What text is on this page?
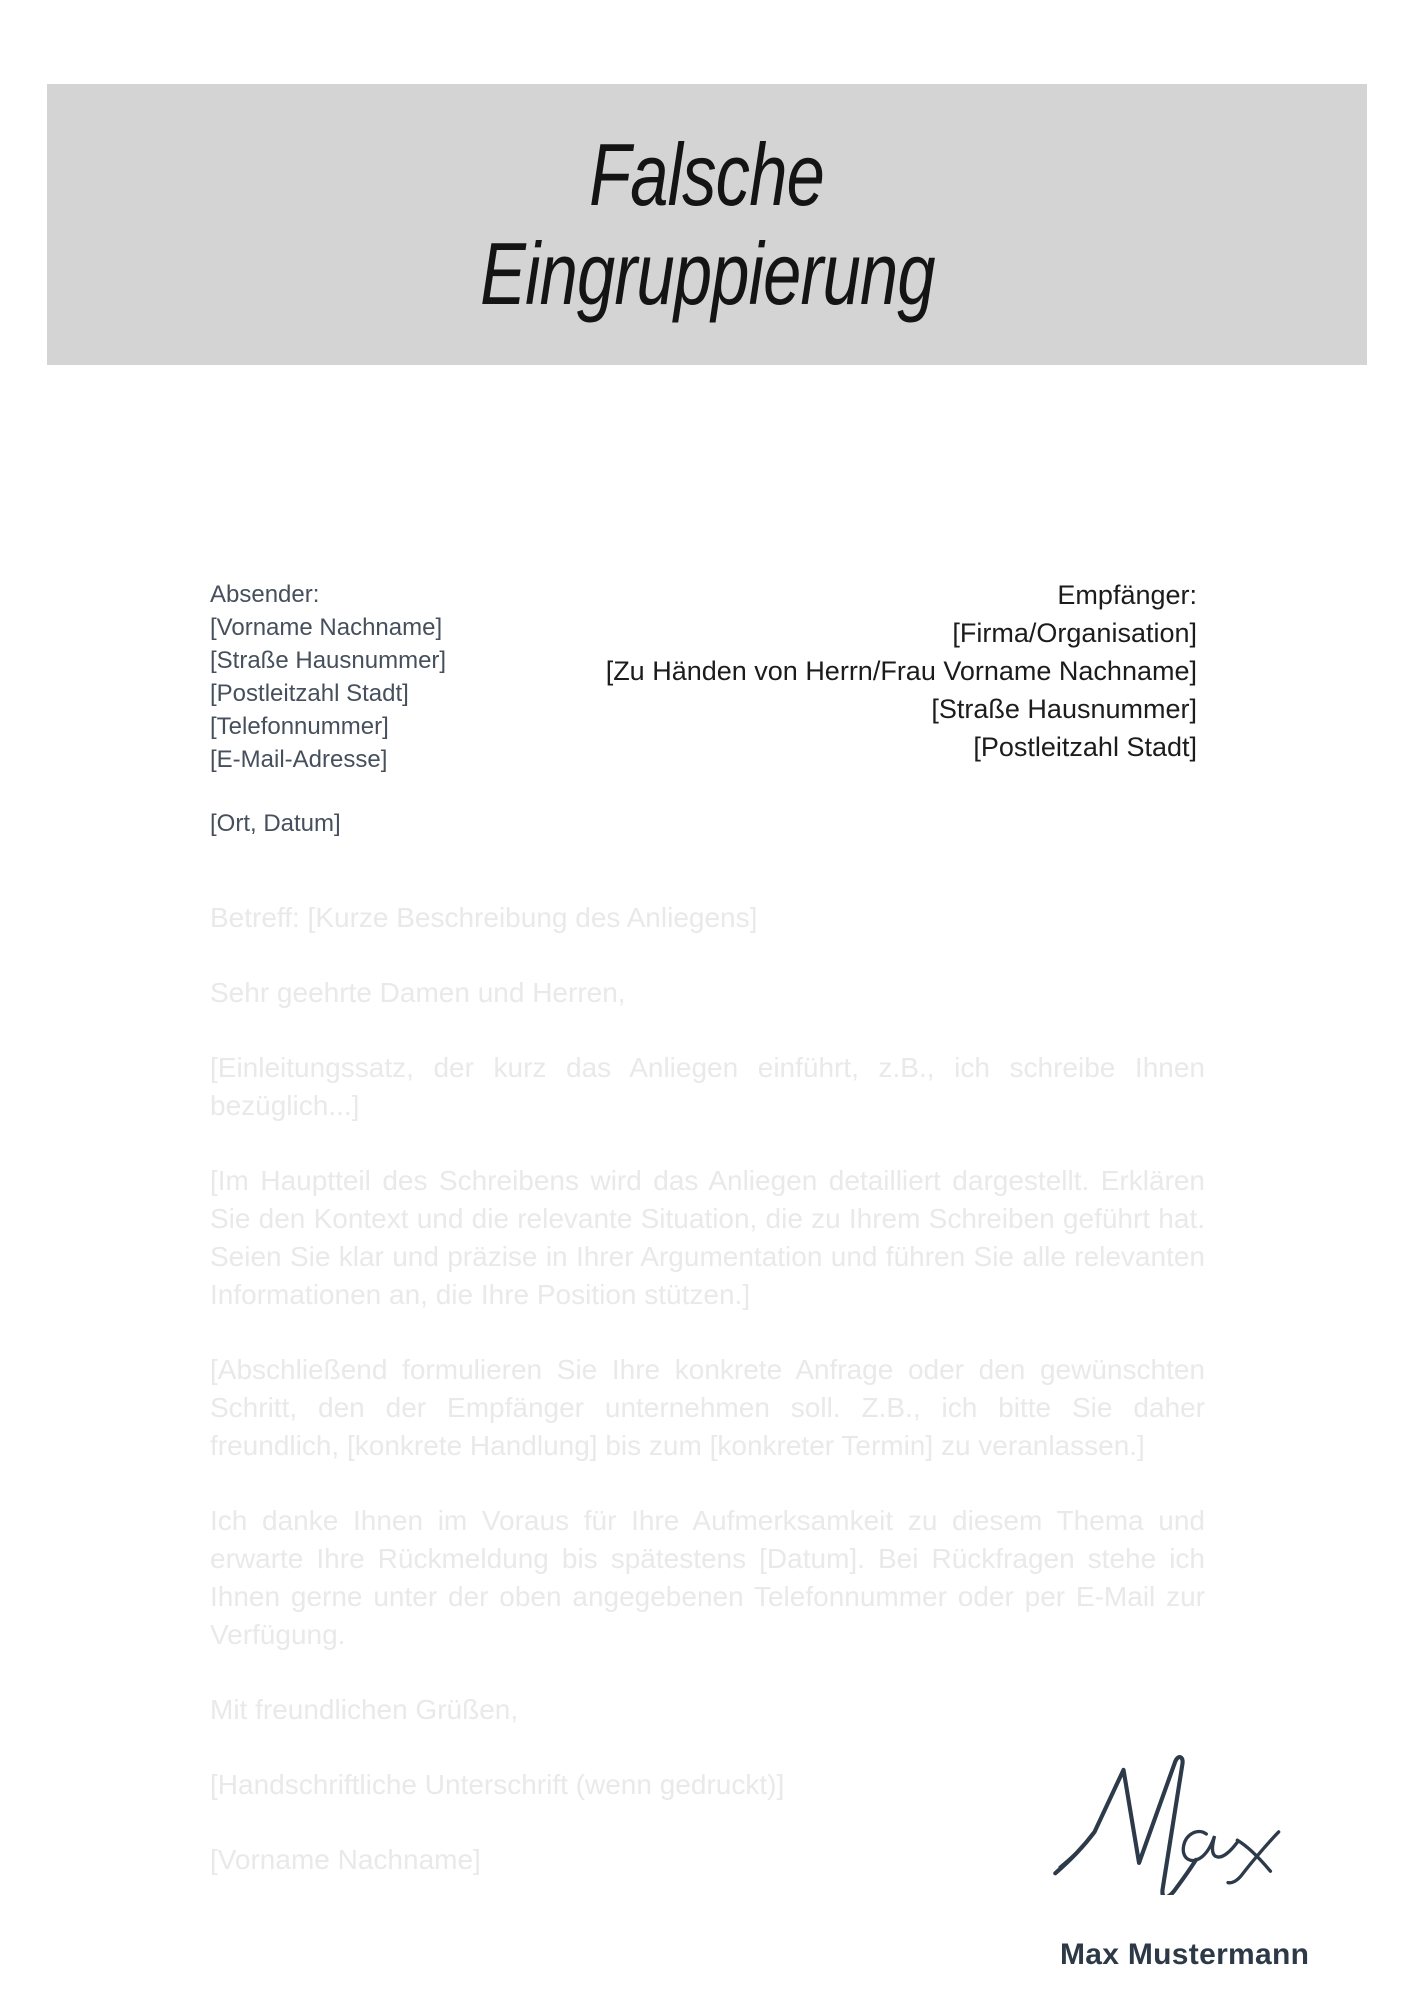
Falsche
Eingruppierung
Absender:
[Vorname Nachname]
[Straße Hausnummer]
[Postleitzahl Stadt]
[Telefonnummer]
[E-Mail-Adresse]
Empfänger:
[Firma/Organisation]
[Zu Händen von Herrn/Frau Vorname Nachname]
[Straße Hausnummer]
[Postleitzahl Stadt]
[Ort, Datum]

Betreff: [Kurze Beschreibung des Anliegens]

Sehr geehrte Damen und Herren,

[Einleitungssatz, der kurz das Anliegen einführt, z.B., ich schreibe Ihnen bezüglich...]

[Im Hauptteil des Schreibens wird das Anliegen detailliert dargestellt. Erklären Sie den Kontext und die relevante Situation, die zu Ihrem Schreiben geführt hat. Seien Sie klar und präzise in Ihrer Argumentation und führen Sie alle relevanten Informationen an, die Ihre Position stützen.]

[Abschließend formulieren Sie Ihre konkrete Anfrage oder den gewünschten Schritt, den der Empfänger unternehmen soll. Z.B., ich bitte Sie daher freundlich, [konkrete Handlung] bis zum [konkreter Termin] zu veranlassen.]

Ich danke Ihnen im Voraus für Ihre Aufmerksamkeit zu diesem Thema und erwarte Ihre Rückmeldung bis spätestens [Datum]. Bei Rückfragen stehe ich Ihnen gerne unter der oben angegebenen Telefonnummer oder per E-Mail zur Verfügung.

Mit freundlichen Grüßen,

[Handschriftliche Unterschrift (wenn gedruckt)]

[Vorname Nachname]

Max Mustermann
